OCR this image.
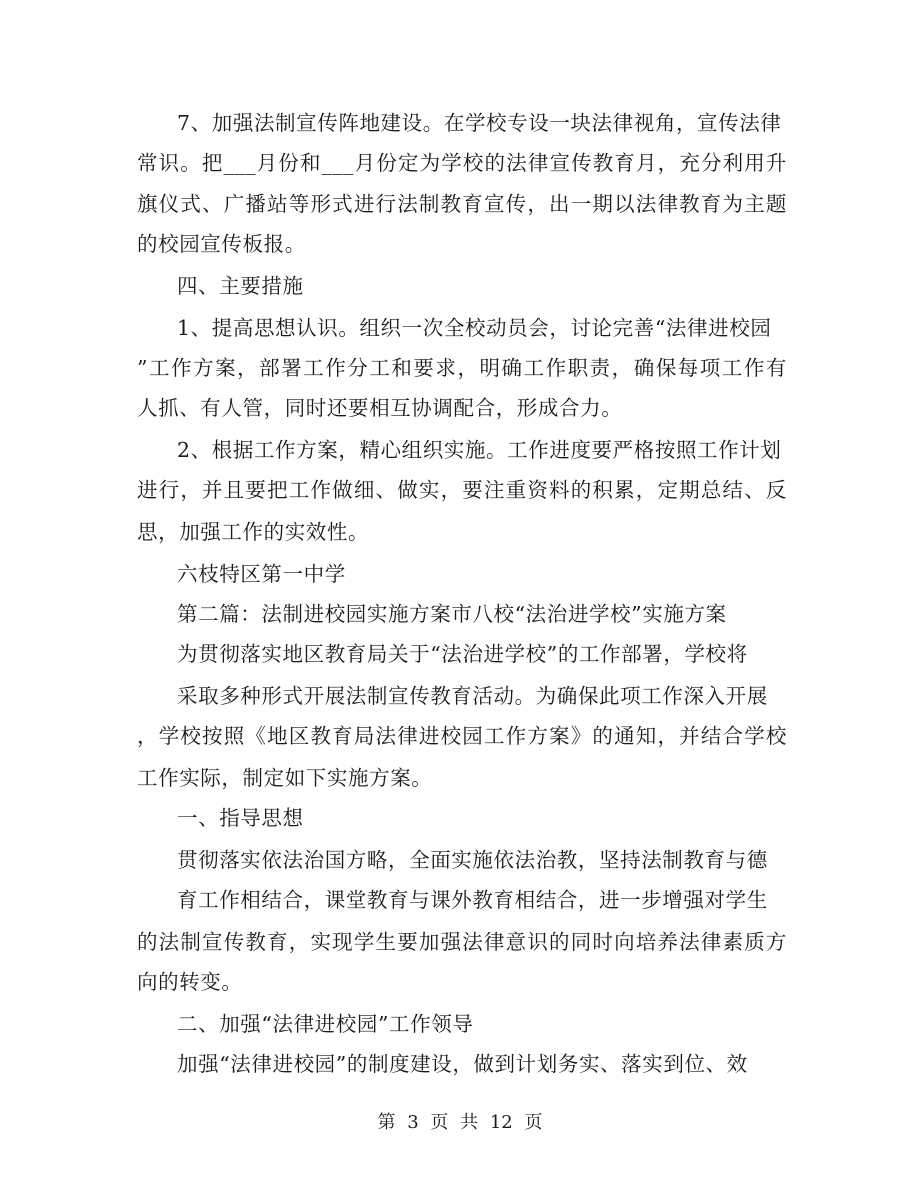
7、加强法制宣传阵地建设。在学校专设一块法律视角，宣传法律
常识。把___月份和___月份定为学校的法律宣传教育月，充分利用升
旗仪式、广播站等形式进行法制教育宣传，出一期以法律教育为主题
的校园宣传板报。
四、主要措施
1、提高思想认识。组织一次全校动员会，讨论完善“法律进校园
”工作方案，部署工作分工和要求，明确工作职责，确保每项工作有
人抓、有人管，同时还要相互协调配合，形成合力。
2、根据工作方案，精心组织实施。工作进度要严格按照工作计划
进行，并且要把工作做细、做实，要注重资料的积累，定期总结、反
思，加强工作的实效性。
六枝特区第一中学
第二篇：法制进校园实施方案市八校“法治进学校”实施方案
为贯彻落实地区教育局关于“法治进学校”的工作部署，学校将
采取多种形式开展法制宣传教育活动。为确保此项工作深入开展
，学校按照《地区教育局法律进校园工作方案》的通知，并结合学校
工作实际，制定如下实施方案。
一、指导思想
贯彻落实依法治国方略，全面实施依法治教，坚持法制教育与德
育工作相结合，课堂教育与课外教育相结合，进一步增强对学生
的法制宣传教育，实现学生要加强法律意识的同时向培养法律素质方
向的转变。
二、加强“法律进校园”工作领导
加强“法律进校园”的制度建设，做到计划务实、落实到位、效
第 3 页 共 12 页
